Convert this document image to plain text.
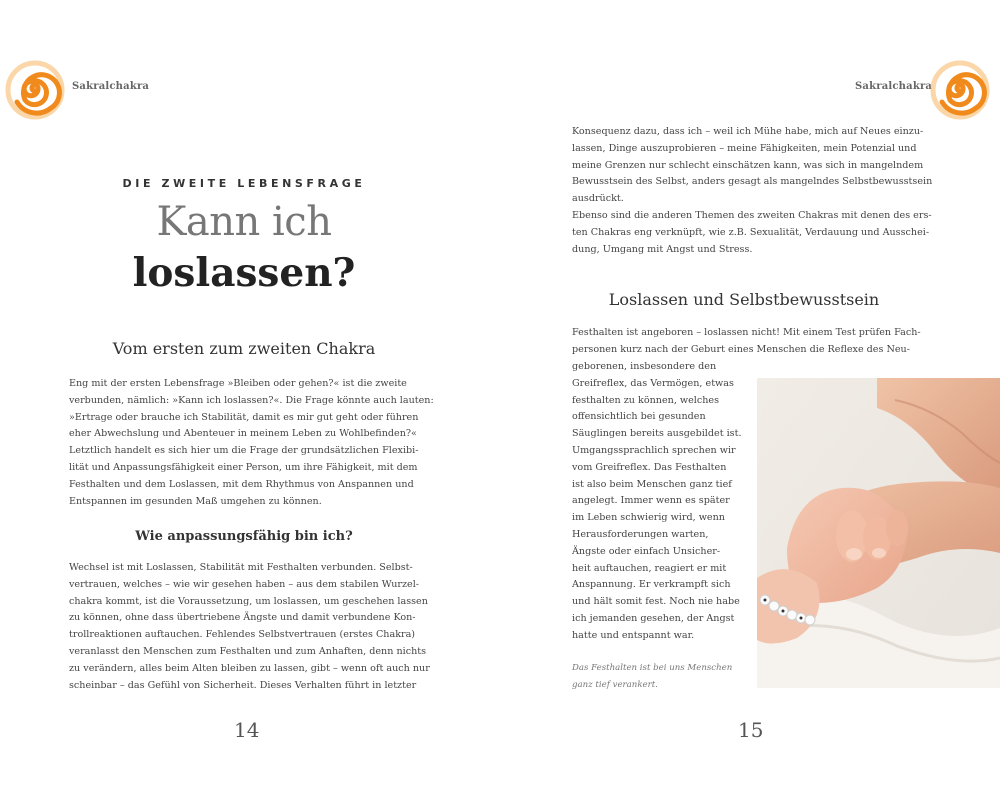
Sakralchakra
DIE ZWEITE LEBENSFRAGE
Kann ich
loslassen?
Vom ersten zum zweiten Chakra
Eng mit der ersten Lebensfrage »Bleiben oder gehen?« ist die zweite
verbunden, nämlich: »Kann ich loslassen?«. Die Frage könnte auch lauten:
»Ertrage oder brauche ich Stabilität, damit es mir gut geht oder führen
eher Abwechslung und Abenteuer in meinem Leben zu Wohlbefinden?«
Letztlich handelt es sich hier um die Frage der grundsätzlichen Flexibi-
lität und Anpassungsfähigkeit einer Person, um ihre Fähigkeit, mit dem
Festhalten und dem Loslassen, mit dem Rhythmus von Anspannen und
Entspannen im gesunden Maß umgehen zu können.
Wie anpassungsfähig bin ich?
Wechsel ist mit Loslassen, Stabilität mit Festhalten verbunden. Selbst-
vertrauen, welches – wie wir gesehen haben – aus dem stabilen Wurzel-
chakra kommt, ist die Voraussetzung, um loslassen, um geschehen lassen
zu können, ohne dass übertriebene Ängste und damit verbundene Kon-
trollreaktionen auftauchen. Fehlendes Selbstvertrauen (erstes Chakra)
veranlasst den Menschen zum Festhalten und zum Anhaften, denn nichts
zu verändern, alles beim Alten bleiben zu lassen, gibt – wenn oft auch nur
scheinbar – das Gefühl von Sicherheit. Dieses Verhalten führt in letzter
14
Sakralchakra
Konsequenz dazu, dass ich – weil ich Mühe habe, mich auf Neues einzu-
lassen, Dinge auszuprobieren – meine Fähigkeiten, mein Potenzial und
meine Grenzen nur schlecht einschätzen kann, was sich in mangelndem
Bewusstsein des Selbst, anders gesagt als mangelndes Selbstbewusstsein
ausdrückt.
Ebenso sind die anderen Themen des zweiten Chakras mit denen des ers-
ten Chakras eng verknüpft, wie z.B. Sexualität, Verdauung und Ausschei-
dung, Umgang mit Angst und Stress.
Loslassen und Selbstbewusstsein
Festhalten ist angeboren – loslassen nicht! Mit einem Test prüfen Fach-
personen kurz nach der Geburt eines Menschen die Reflexe des Neu-
geborenen, insbesondere den
Greifreflex, das Vermögen, etwas
festhalten zu können, welches
offensichtlich bei gesunden
Säuglingen bereits ausgebildet ist.
Umgangssprachlich sprechen wir
vom Greifreflex. Das Festhalten
ist also beim Menschen ganz tief
angelegt. Immer wenn es später
im Leben schwierig wird, wenn
Herausforderungen warten,
Ängste oder einfach Unsicher-
heit auftauchen, reagiert er mit
Anspannung. Er verkrampft sich
und hält somit fest. Noch nie habe
ich jemanden gesehen, der Angst
hatte und entspannt war.
Das Festhalten ist bei uns Menschen
ganz tief verankert.
15
